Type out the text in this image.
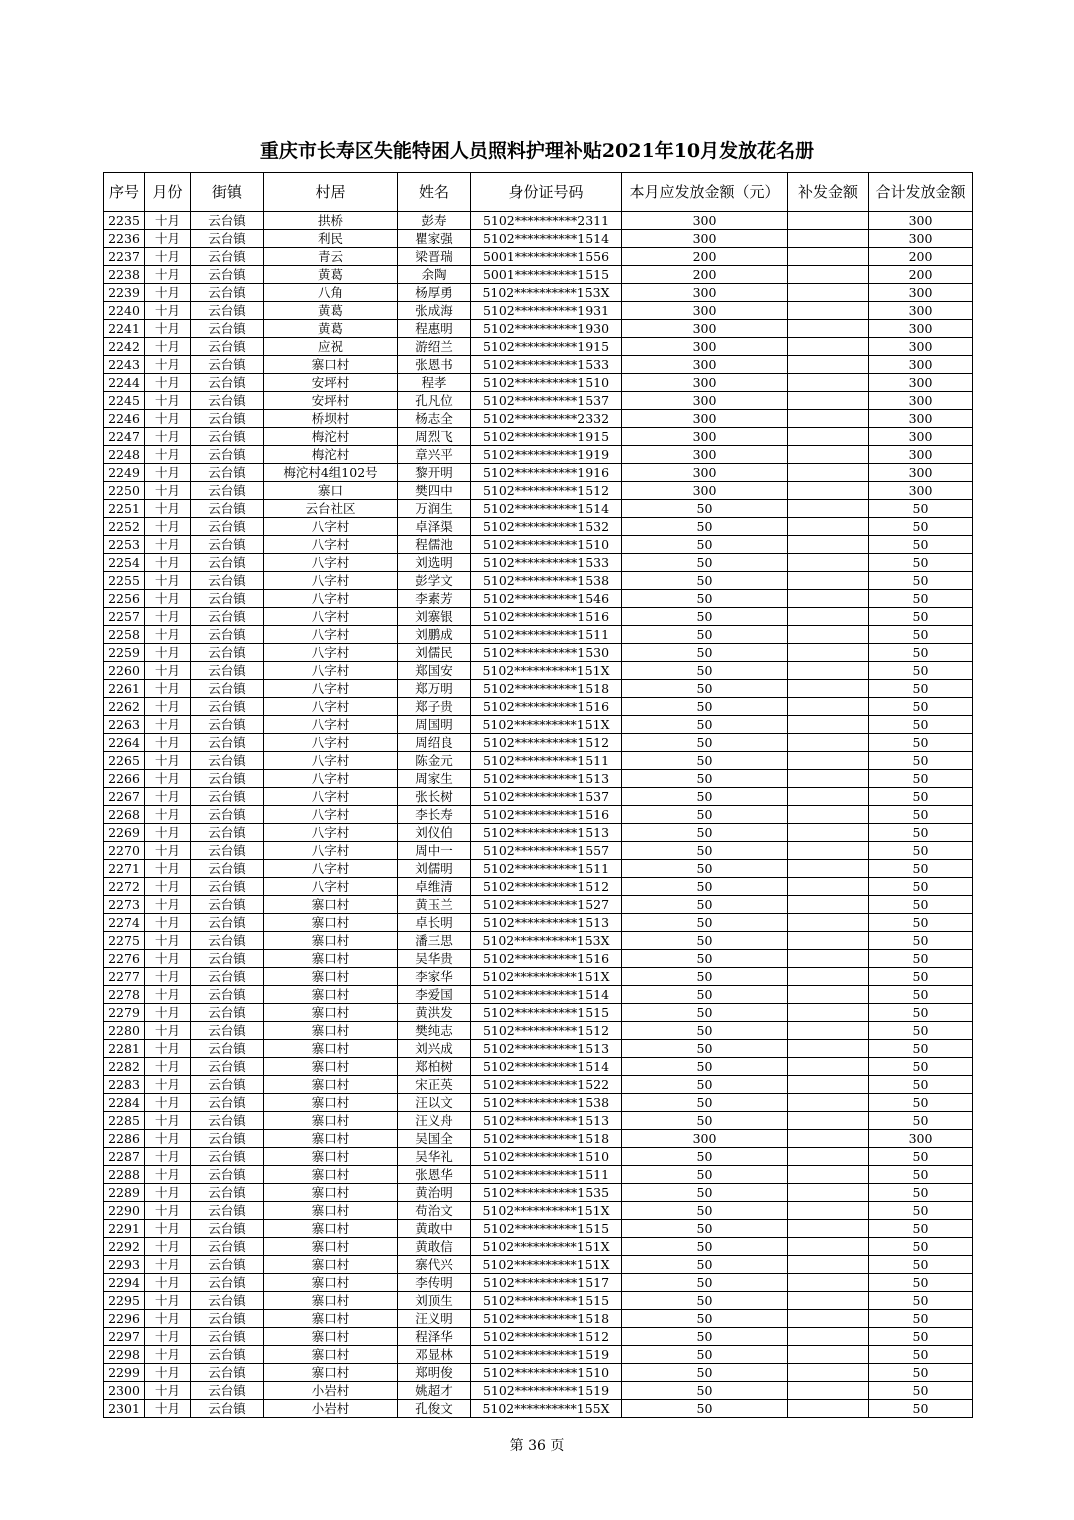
重庆市长寿区失能特困人员照料护理补贴2021年10月发放花名册
序号	月份	街镇	村居	姓名	身份证号码	本月应发放金额（元）	补发金额	合计发放金额
2235	十月	云台镇	拱桥	彭寿	5102**********2311	300		300
2236	十月	云台镇	利民	瞿家强	5102**********1514	300		300
2237	十月	云台镇	青云	梁晋瑞	5001**********1556	200		200
2238	十月	云台镇	黄葛	余陶	5001**********1515	200		200
2239	十月	云台镇	八角	杨厚勇	5102**********153X	300		300
2240	十月	云台镇	黄葛	张成海	5102**********1931	300		300
2241	十月	云台镇	黄葛	程惠明	5102**********1930	300		300
2242	十月	云台镇	应祝	游绍兰	5102**********1915	300		300
2243	十月	云台镇	寨口村	张恩书	5102**********1533	300		300
2244	十月	云台镇	安坪村	程孝	5102**********1510	300		300
2245	十月	云台镇	安坪村	孔凡位	5102**********1537	300		300
2246	十月	云台镇	桥坝村	杨志全	5102**********2332	300		300
2247	十月	云台镇	梅沱村	周烈飞	5102**********1915	300		300
2248	十月	云台镇	梅沱村	章兴平	5102**********1919	300		300
2249	十月	云台镇	梅沱村4组102号	黎开明	5102**********1916	300		300
2250	十月	云台镇	寨口	樊四中	5102**********1512	300		300
2251	十月	云台镇	云台社区	万润生	5102**********1514	50		50
2252	十月	云台镇	八字村	卓泽渠	5102**********1532	50		50
2253	十月	云台镇	八字村	程儒池	5102**********1510	50		50
2254	十月	云台镇	八字村	刘选明	5102**********1533	50		50
2255	十月	云台镇	八字村	彭学文	5102**********1538	50		50
2256	十月	云台镇	八字村	李素芳	5102**********1546	50		50
2257	十月	云台镇	八字村	刘寨银	5102**********1516	50		50
2258	十月	云台镇	八字村	刘鹏成	5102**********1511	50		50
2259	十月	云台镇	八字村	刘儒民	5102**********1530	50		50
2260	十月	云台镇	八字村	郑国安	5102**********151X	50		50
2261	十月	云台镇	八字村	郑万明	5102**********1518	50		50
2262	十月	云台镇	八字村	郑子贵	5102**********1516	50		50
2263	十月	云台镇	八字村	周国明	5102**********151X	50		50
2264	十月	云台镇	八字村	周绍良	5102**********1512	50		50
2265	十月	云台镇	八字村	陈金元	5102**********1511	50		50
2266	十月	云台镇	八字村	周家生	5102**********1513	50		50
2267	十月	云台镇	八字村	张长树	5102**********1537	50		50
2268	十月	云台镇	八字村	李长寿	5102**********1516	50		50
2269	十月	云台镇	八字村	刘仪伯	5102**********1513	50		50
2270	十月	云台镇	八字村	周中一	5102**********1557	50		50
2271	十月	云台镇	八字村	刘儒明	5102**********1511	50		50
2272	十月	云台镇	八字村	卓维清	5102**********1512	50		50
2273	十月	云台镇	寨口村	黄玉兰	5102**********1527	50		50
2274	十月	云台镇	寨口村	卓长明	5102**********1513	50		50
2275	十月	云台镇	寨口村	潘三思	5102**********153X	50		50
2276	十月	云台镇	寨口村	吴华贵	5102**********1516	50		50
2277	十月	云台镇	寨口村	李家华	5102**********151X	50		50
2278	十月	云台镇	寨口村	李爱国	5102**********1514	50		50
2279	十月	云台镇	寨口村	黄洪发	5102**********1515	50		50
2280	十月	云台镇	寨口村	樊纯志	5102**********1512	50		50
2281	十月	云台镇	寨口村	刘兴成	5102**********1513	50		50
2282	十月	云台镇	寨口村	郑柏树	5102**********1514	50		50
2283	十月	云台镇	寨口村	宋正英	5102**********1522	50		50
2284	十月	云台镇	寨口村	汪以文	5102**********1538	50		50
2285	十月	云台镇	寨口村	汪义舟	5102**********1513	50		50
2286	十月	云台镇	寨口村	吴国全	5102**********1518	300		300
2287	十月	云台镇	寨口村	吴华礼	5102**********1510	50		50
2288	十月	云台镇	寨口村	张恩华	5102**********1511	50		50
2289	十月	云台镇	寨口村	黄治明	5102**********1535	50		50
2290	十月	云台镇	寨口村	苟治文	5102**********151X	50		50
2291	十月	云台镇	寨口村	黄敢中	5102**********1515	50		50
2292	十月	云台镇	寨口村	黄敢信	5102**********151X	50		50
2293	十月	云台镇	寨口村	寨代兴	5102**********151X	50		50
2294	十月	云台镇	寨口村	李传明	5102**********1517	50		50
2295	十月	云台镇	寨口村	刘顶生	5102**********1515	50		50
2296	十月	云台镇	寨口村	汪义明	5102**********1518	50		50
2297	十月	云台镇	寨口村	程泽华	5102**********1512	50		50
2298	十月	云台镇	寨口村	邓显林	5102**********1519	50		50
2299	十月	云台镇	寨口村	郑明俊	5102**********1510	50		50
2300	十月	云台镇	小岩村	姚超才	5102**********1519	50		50
2301	十月	云台镇	小岩村	孔俊文	5102**********155X	50		50
第 36 页
